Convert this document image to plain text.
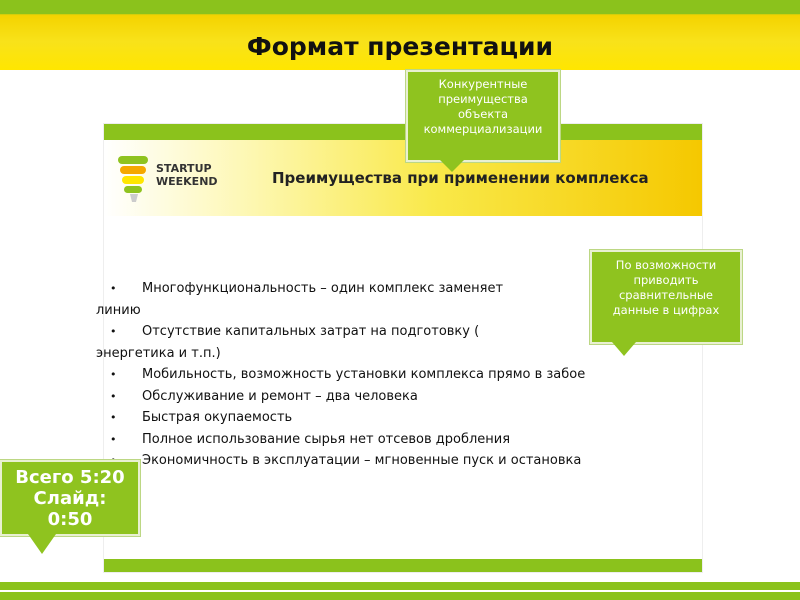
Формат презентации
STARTUP
WEEKEND	Преимущества при применении комплекса
• Многофункциональность – один комплекс заменяет
линию
• Отсутствие капитальных затрат на подготовку (
энергетика и т.п.)
• Мобильность, возможность установки комплекса прямо в забое
• Обслуживание и ремонт – два человека
• Быстрая окупаемость
• Полное использование сырья нет отсевов дробления
Экономичность в эксплуатации – мгновенные пуск и остановка
Конкурентные преимущества объекта коммерциализации
По возможности приводить сравнительные данные в цифрах
Всего 5:20
Слайд:
0:50
